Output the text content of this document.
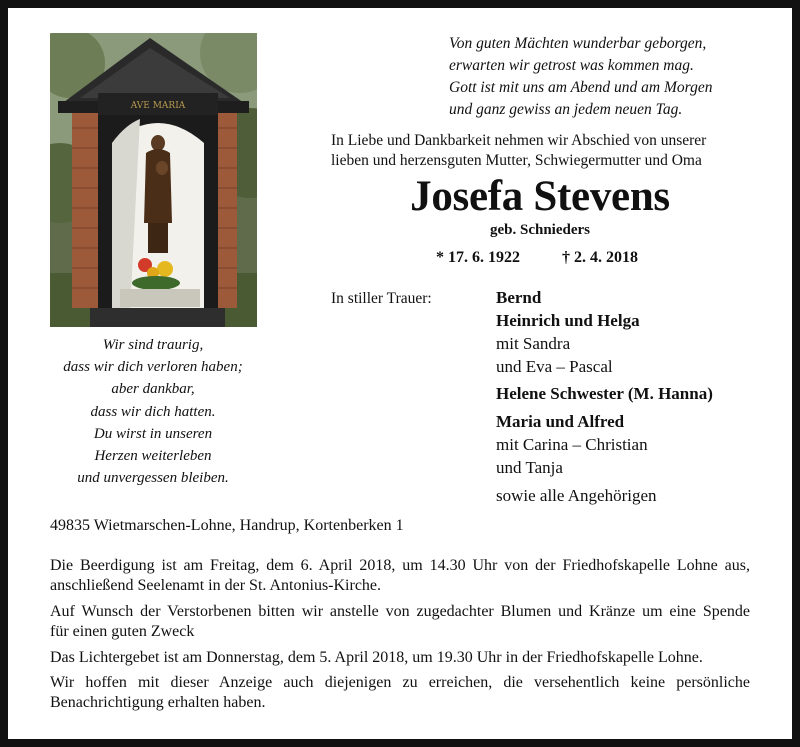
AVE MARIA
Wir sind traurig,
dass wir dich verloren haben;
aber dankbar,
dass wir dich hatten.
Du wirst in unseren
Herzen weiterleben
und unvergessen bleiben.
Von guten Mächten wunderbar geborgen,
erwarten wir getrost was kommen mag.
Gott ist mit uns am Abend und am Morgen
und ganz gewiss an jedem neuen Tag.
In Liebe und Dankbarkeit nehmen wir Abschied von unserer
lieben und herzensguten Mutter, Schwiegermutter und Oma
Josefa Stevens
geb. Schnieders
* 17. 6. 1922	† 2. 4. 2018
In stiller Trauer:	Bernd
Heinrich und Helga
mit Sandra
und Eva – Pascal
Helene Schwester (M. Hanna)
Maria und Alfred
mit Carina – Christian
und Tanja
sowie alle Angehörigen
49835 Wietmarschen-Lohne, Handrup, Kortenberken 1
Die Beerdigung ist am Freitag, dem 6. April 2018, um 14.30 Uhr von der Friedhofskapelle Lohne aus,
anschließend Seelenamt in der St. Antonius-Kirche.
Auf Wunsch der Verstorbenen bitten wir anstelle von zugedachter Blumen und Kränze um eine Spende
für einen guten Zweck
Das Lichtergebet ist am Donnerstag, dem 5. April 2018, um 19.30 Uhr in der Friedhofskapelle Lohne.
Wir hoffen mit dieser Anzeige auch diejenigen zu erreichen, die versehentlich keine persönliche
Benachrichtigung erhalten haben.
